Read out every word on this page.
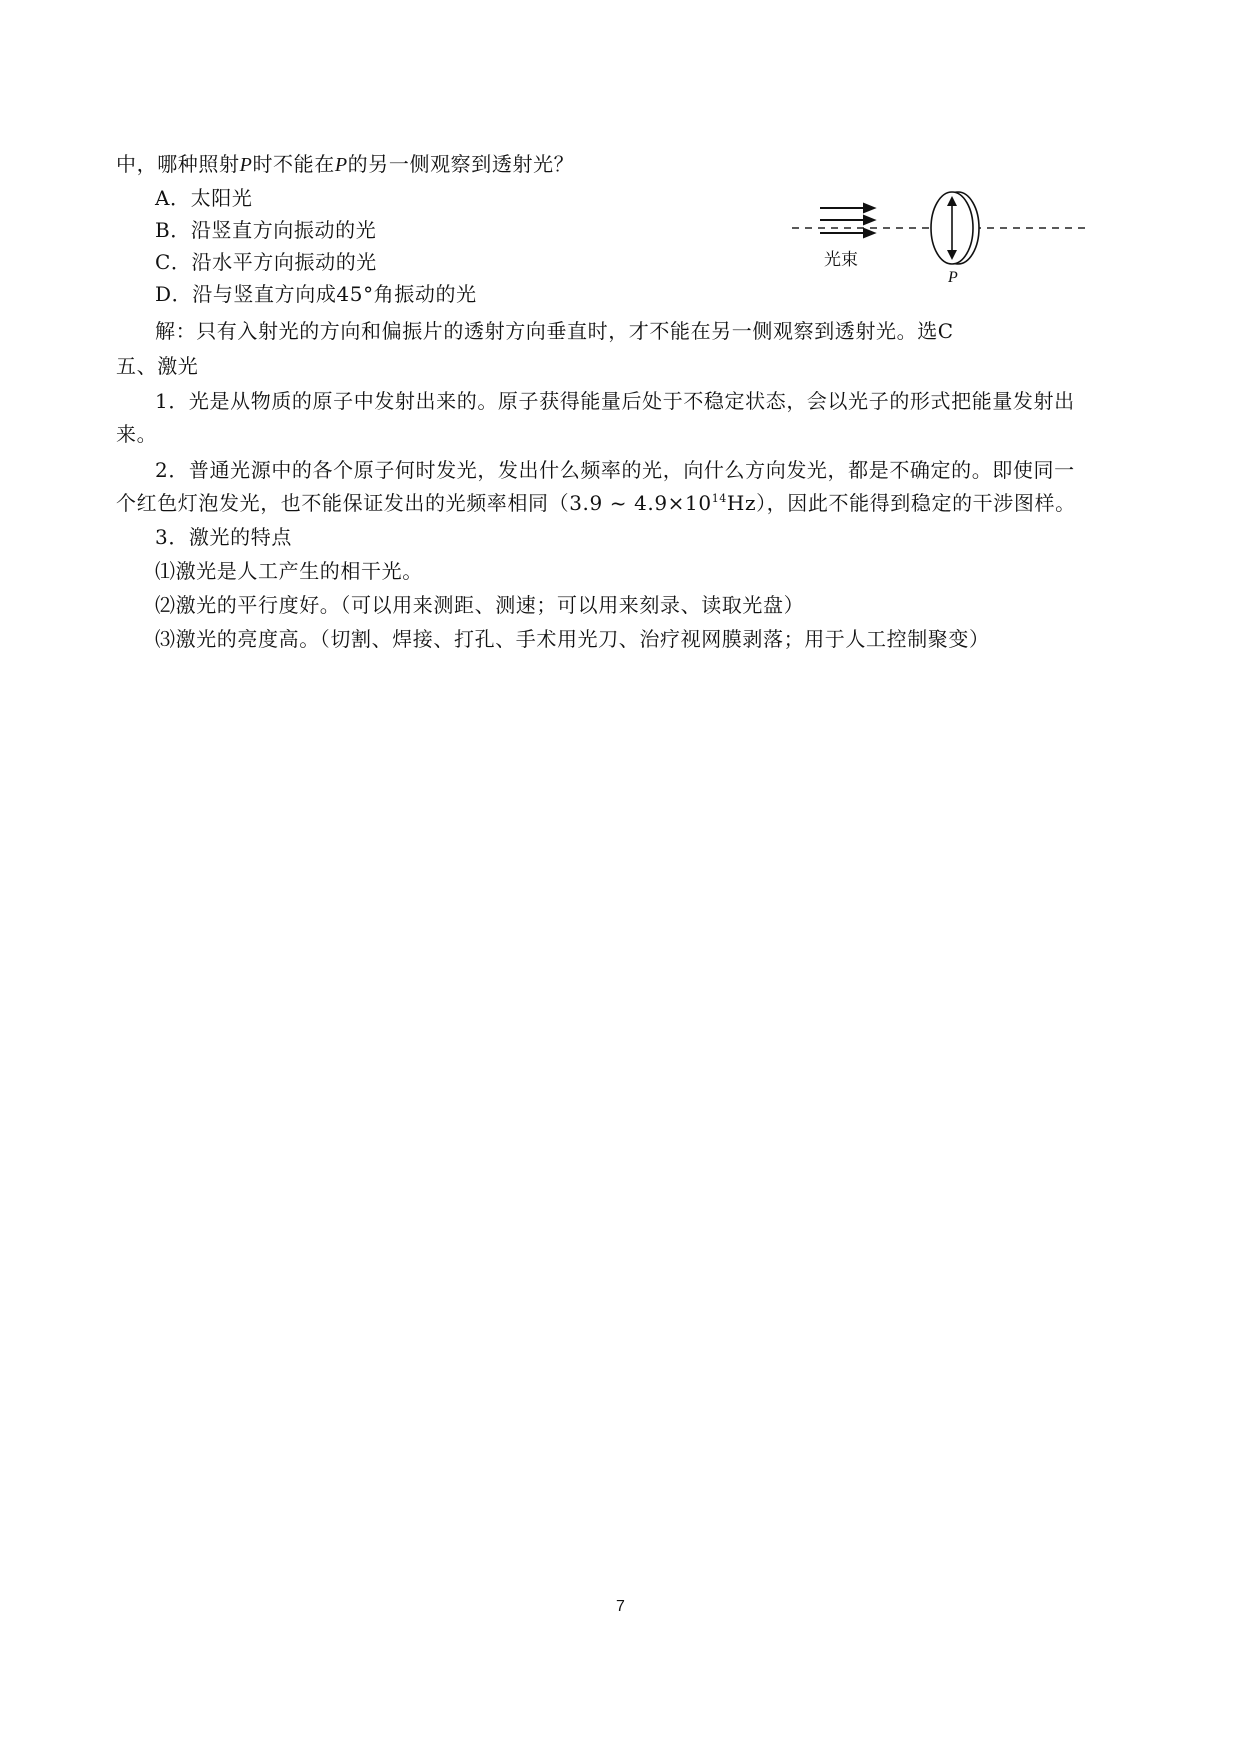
中，哪种照射P时不能在P的另一侧观察到透射光？
A．太阳光
B．沿竖直方向振动的光
C．沿水平方向振动的光
D．沿与竖直方向成45°角振动的光
光束
P
解：只有入射光的方向和偏振片的透射方向垂直时，才不能在另一侧观察到透射光。选C
五、激光
1．光是从物质的原子中发射出来的。原子获得能量后处于不稳定状态，会以光子的形式把能量发射出
来。
2．普通光源中的各个原子何时发光，发出什么频率的光，向什么方向发光，都是不确定的。即使同一
个红色灯泡发光，也不能保证发出的光频率相同（3.9 ~ $4.9\times 10^{14}Hz$），因此不能得到稳定的干涉图样。
3．激光的特点
⑴激光是人工产生的相干光。
⑵激光的平行度好。（可以用来测距、测速；可以用来刻录、读取光盘）
⑶激光的亮度高。（切割、焊接、打孔、手术用光刀、治疗视网膜剥落；用于人工控制聚变）
7
